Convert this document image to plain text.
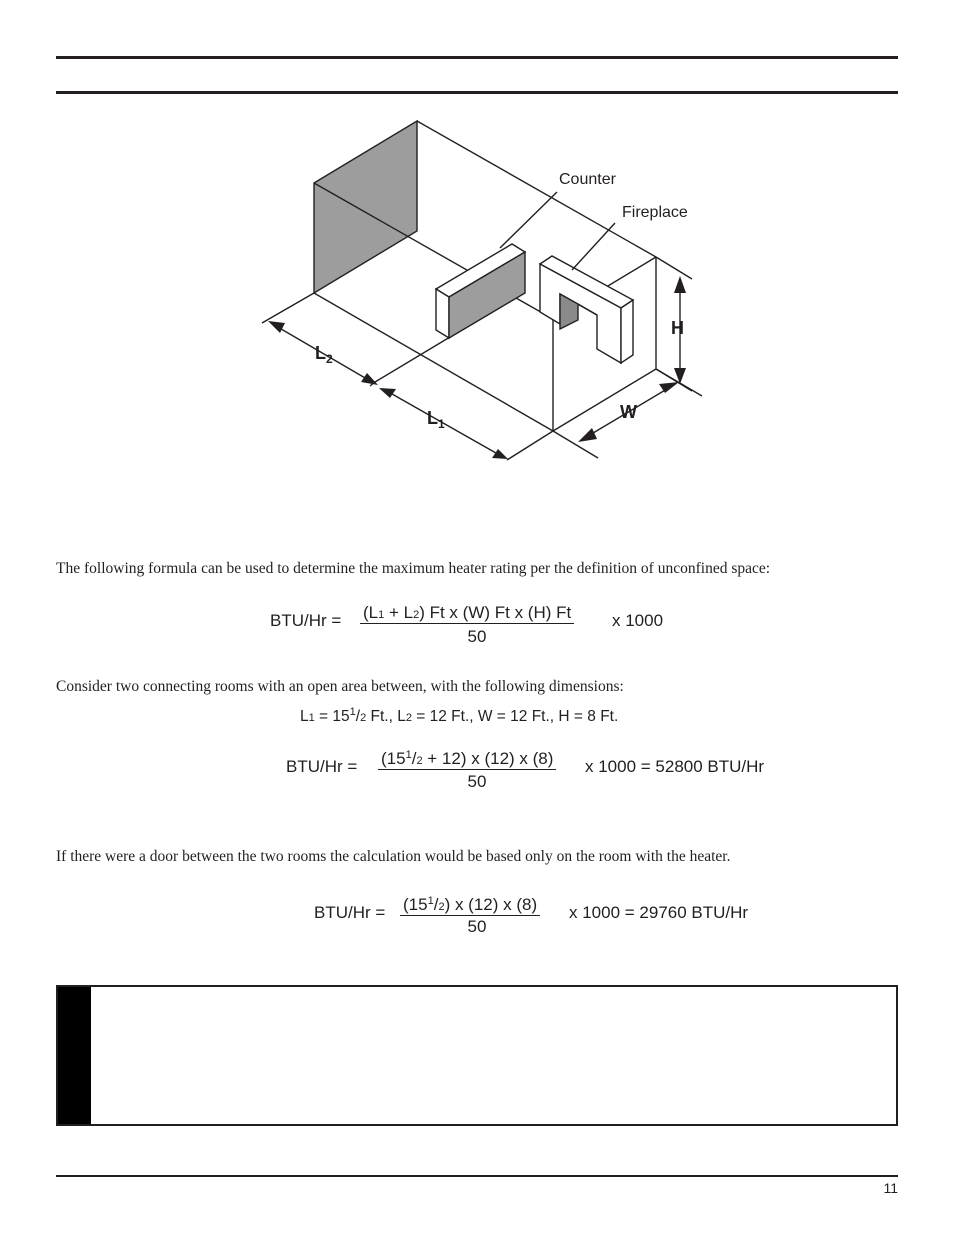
Counter
Fireplace
H
W
$L_2$
$L_1$
The following formula can be used to determine the maximum heater rating per the definition of unconfined space:
BTU/Hr = (L1 + L2) Ft x (W) Ft x (H) Ft
50
x 1000
Consider two connecting rooms with an open area between, with the following dimensions:
$L1 = 15^1/2$ Ft., L2 = 12 Ft., W = 12 Ft., H = 8 Ft.
$BTU/Hr = (15^1/2 + 12)$ x (12) x (8)
50
x 1000 = 52800 BTU/Hr
If there were a door between the two rooms the calculation would be based only on the room with the heater.
$BTU/Hr = (15^1/2)$ x (12) x (8)
50
x 1000 = 29760 BTU/Hr
11
